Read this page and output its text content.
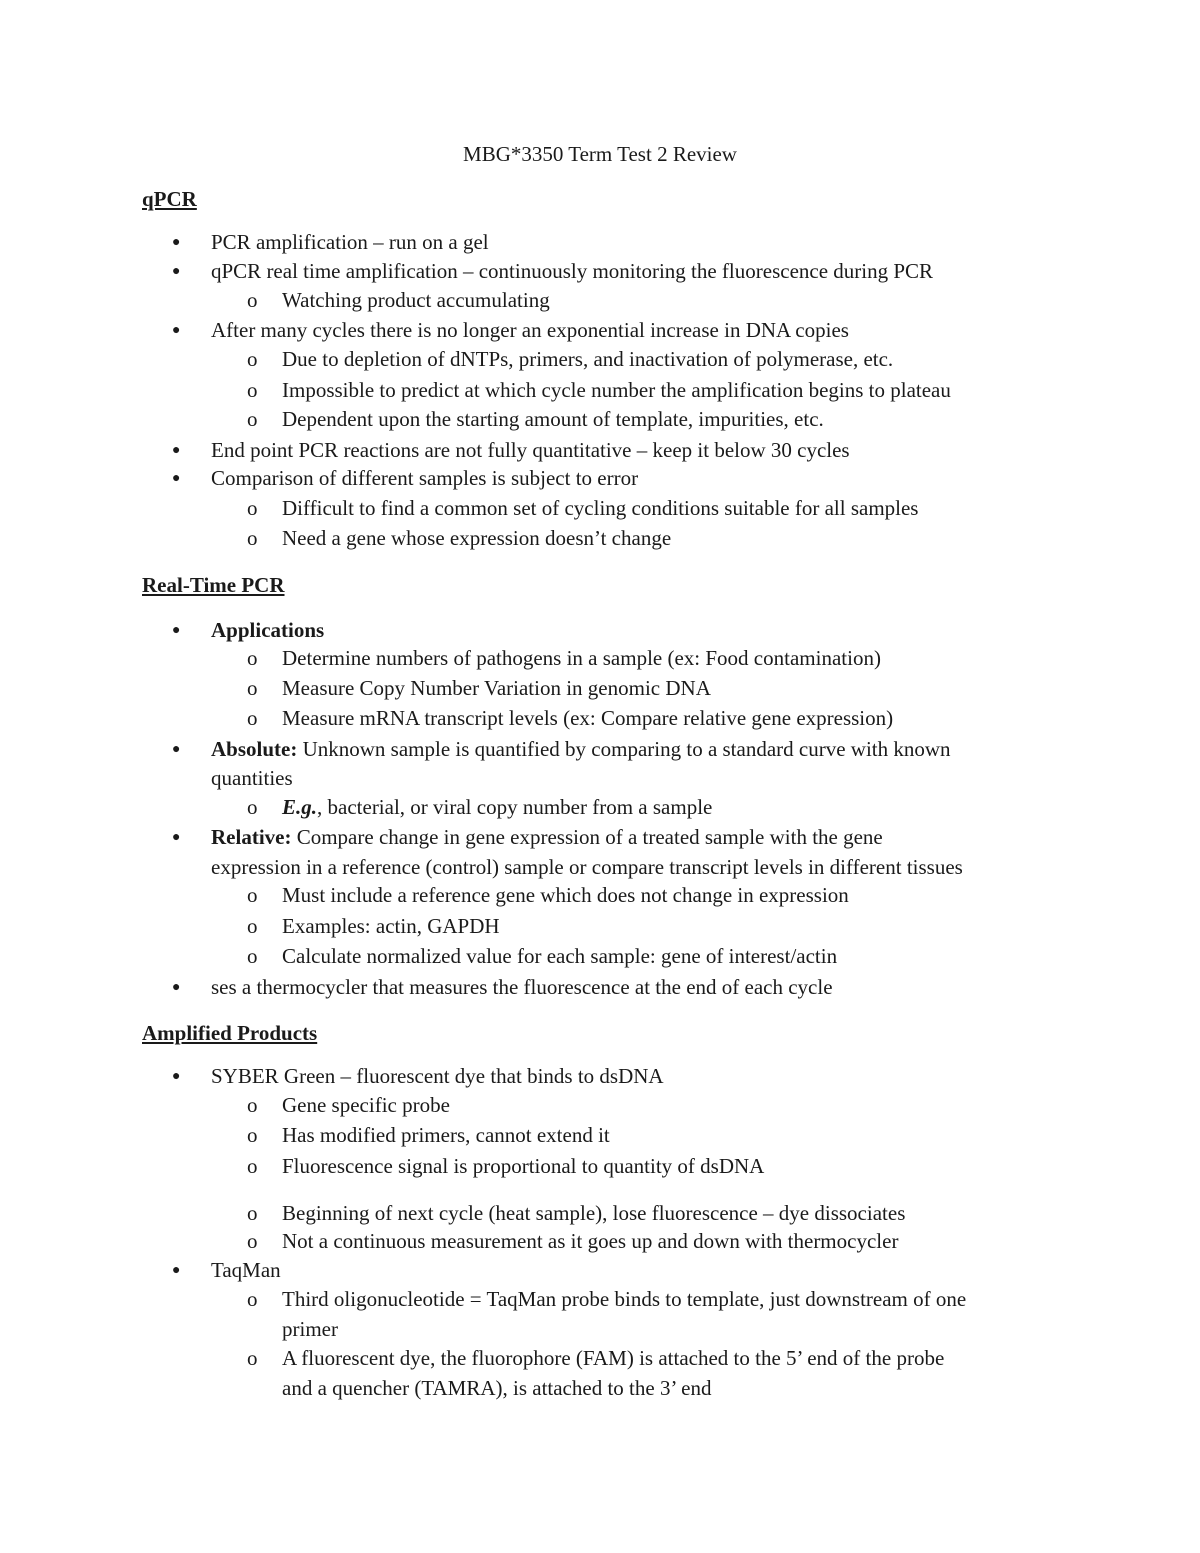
MBG*3350 Term Test 2 Review
qPCR
● PCR amplification – run on a gel
● qPCR real time amplification – continuously monitoring the fluorescence during PCR
o Watching product accumulating
● After many cycles there is no longer an exponential increase in DNA copies
o Due to depletion of dNTPs, primers, and inactivation of polymerase, etc.
o Impossible to predict at which cycle number the amplification begins to plateau
o Dependent upon the starting amount of template, impurities, etc.
● End point PCR reactions are not fully quantitative – keep it below 30 cycles
● Comparison of different samples is subject to error
o Difficult to find a common set of cycling conditions suitable for all samples
o Need a gene whose expression doesn’t change
Real-Time PCR
● Applications
o Determine numbers of pathogens in a sample (ex: Food contamination)
o Measure Copy Number Variation in genomic DNA
o Measure mRNA transcript levels (ex: Compare relative gene expression)
● Absolute: Unknown sample is quantified by comparing to a standard curve with known
quantities
o E.g., bacterial, or viral copy number from a sample
● Relative: Compare change in gene expression of a treated sample with the gene
expression in a reference (control) sample or compare transcript levels in different tissues
o Must include a reference gene which does not change in expression
o Examples: actin, GAPDH
o Calculate normalized value for each sample: gene of interest/actin
● ses a thermocycler that measures the fluorescence at the end of each cycle
Amplified Products
● SYBER Green – fluorescent dye that binds to dsDNA
o Gene specific probe
o Has modified primers, cannot extend it
o Fluorescence signal is proportional to quantity of dsDNA
o Beginning of next cycle (heat sample), lose fluorescence – dye dissociates
o Not a continuous measurement as it goes up and down with thermocycler
● TaqMan
o Third oligonucleotide = TaqMan probe binds to template, just downstream of one
primer
o A fluorescent dye, the fluorophore (FAM) is attached to the 5’ end of the probe
and a quencher (TAMRA), is attached to the 3’ end
